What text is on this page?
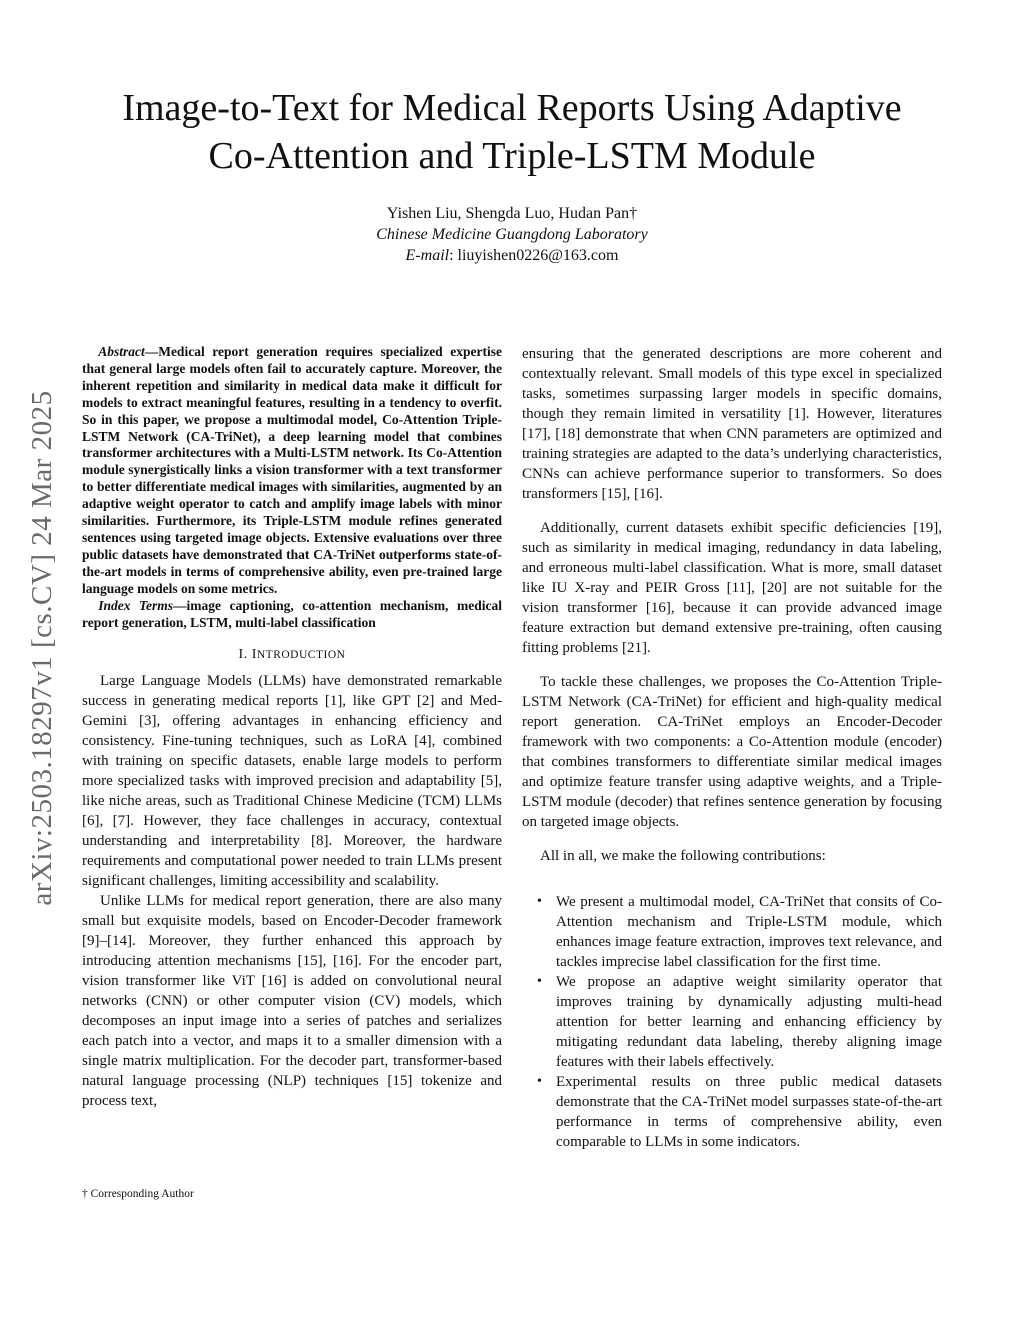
Image-to-Text for Medical Reports Using Adaptive
Co-Attention and Triple-LSTM Module
Yishen Liu, Shengda Luo, Hudan Pan†
Chinese Medicine Guangdong Laboratory
E-mail: liuyishen0226@163.com
arXiv:2503.18297v1 [cs.CV] 24 Mar 2025

Abstract—Medical report generation requires specialized expertise that general large models often fail to accurately capture. Moreover, the inherent repetition and similarity in medical data make it difficult for models to extract meaningful features, resulting in a tendency to overfit. So in this paper, we propose a multimodal model, Co-Attention Triple-LSTM Network (CA-TriNet), a deep learning model that combines transformer architectures with a Multi-LSTM network. Its Co-Attention module synergistically links a vision transformer with a text transformer to better differentiate medical images with similarities, augmented by an adaptive weight operator to catch and amplify image labels with minor similarities. Furthermore, its Triple-LSTM module refines generated sentences using targeted image objects. Extensive evaluations over three public datasets have demonstrated that CA-TriNet outperforms state-of-the-art models in terms of comprehensive ability, even pre-trained large language models on some metrics.

Index Terms—image captioning, co-attention mechanism, medical report generation, LSTM, multi-label classification

I. INTRODUCTION

Large Language Models (LLMs) have demonstrated remarkable success in generating medical reports [1], like GPT [2] and Med-Gemini [3], offering advantages in enhancing efficiency and consistency. Fine-tuning techniques, such as LoRA [4], combined with training on specific datasets, enable large models to perform more specialized tasks with improved precision and adaptability [5], like niche areas, such as Traditional Chinese Medicine (TCM) LLMs [6], [7]. However, they face challenges in accuracy, contextual understanding and interpretability [8]. Moreover, the hardware requirements and computational power needed to train LLMs present significant challenges, limiting accessibility and scalability.

Unlike LLMs for medical report generation, there are also many small but exquisite models, based on Encoder-Decoder framework [9]–[14]. Moreover, they further enhanced this approach by introducing attention mechanisms [15], [16]. For the encoder part, vision transformer like ViT [16] is added on convolutional neural networks (CNN) or other computer vision (CV) models, which decomposes an input image into a series of patches and serializes each patch into a vector, and maps it to a smaller dimension with a single matrix multiplication. For the decoder part, transformer-based natural language processing (NLP) techniques [15] tokenize and process text,

† Corresponding Author

ensuring that the generated descriptions are more coherent and contextually relevant. Small models of this type excel in specialized tasks, sometimes surpassing larger models in specific domains, though they remain limited in versatility [1]. However, literatures [17], [18] demonstrate that when CNN parameters are optimized and training strategies are adapted to the data’s underlying characteristics, CNNs can achieve performance superior to transformers. So does transformers [15], [16].

Additionally, current datasets exhibit specific deficiencies [19], such as similarity in medical imaging, redundancy in data labeling, and erroneous multi-label classification. What is more, small dataset like IU X-ray and PEIR Gross [11], [20] are not suitable for the vision transformer [16], because it can provide advanced image feature extraction but demand extensive pre-training, often causing fitting problems [21].

To tackle these challenges, we proposes the Co-Attention Triple-LSTM Network (CA-TriNet) for efficient and high-quality medical report generation. CA-TriNet employs an Encoder-Decoder framework with two components: a Co-Attention module (encoder) that combines transformers to differentiate similar medical images and optimize feature transfer using adaptive weights, and a Triple-LSTM module (decoder) that refines sentence generation by focusing on targeted image objects.

All in all, we make the following contributions:

• We present a multimodal model, CA-TriNet that consits of Co-Attention mechanism and Triple-LSTM module, which enhances image feature extraction, improves text relevance, and tackles imprecise label classification for the first time.
• We propose an adaptive weight similarity operator that improves training by dynamically adjusting multi-head attention for better learning and enhancing efficiency by mitigating redundant data labeling, thereby aligning image features with their labels effectively.
• Experimental results on three public medical datasets demonstrate that the CA-TriNet model surpasses state-of-the-art performance in terms of comprehensive ability, even comparable to LLMs in some indicators.
